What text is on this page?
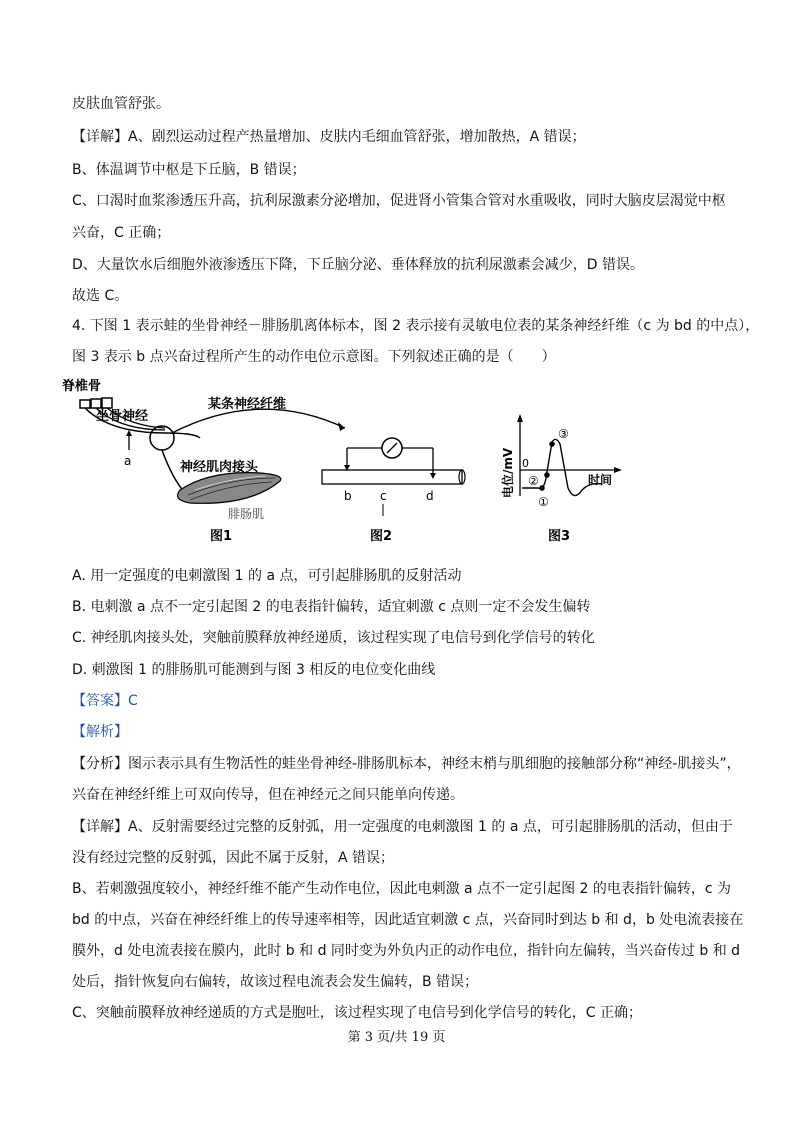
皮肤血管舒张。
【详解】A、剧烈运动过程产热量增加、皮肤内毛细血管舒张，增加散热，A 错误；
B、体温调节中枢是下丘脑，B 错误；
C、口渴时血浆渗透压升高，抗利尿激素分泌增加，促进肾小管集合管对水重吸收，同时大脑皮层渴觉中枢
兴奋，C 正确；
D、大量饮水后细胞外液渗透压下降，下丘脑分泌、垂体释放的抗利尿激素会减少，D 错误。
故选 C。
4. 下图 1 表示蛙的坐骨神经－腓肠肌离体标本，图 2 表示接有灵敏电位表的某条神经纤维（c 为 bd 的中点），
图 3 表示 b 点兴奋过程所产生的动作电位示意图。下列叙述正确的是（　　）
A. 用一定强度的电刺激图 1 的 a 点，可引起腓肠肌的反射活动
B. 电刺激 a 点不一定引起图 2 的电表指针偏转，适宜刺激 c 点则一定不会发生偏转
C. 神经肌肉接头处，突触前膜释放神经递质，该过程实现了电信号到化学信号的转化
D. 刺激图 1 的腓肠肌可能测到与图 3 相反的电位变化曲线
【答案】C
【解析】
【分析】图示表示具有生物活性的蛙坐骨神经-腓肠肌标本，神经末梢与肌细胞的接触部分称“神经-肌接头”，
兴奋在神经纤维上可双向传导，但在神经元之间只能单向传递。
【详解】A、反射需要经过完整的反射弧，用一定强度的电刺激图 1 的 a 点，可引起腓肠肌的活动，但由于
没有经过完整的反射弧，因此不属于反射，A 错误；
B、若刺激强度较小，神经纤维不能产生动作电位，因此电刺激 a 点不一定引起图 2 的电表指针偏转，c 为
bd 的中点，兴奋在神经纤维上的传导速率相等，因此适宜刺激 c 点，兴奋同时到达 b 和 d，b 处电流表接在
膜外，d 处电流表接在膜内，此时 b 和 d 同时变为外负内正的动作电位，指针向左偏转，当兴奋传过 b 和 d
处后，指针恢复向右偏转，故该过程电流表会发生偏转，B 错误；
C、突触前膜释放神经递质的方式是胞吐，该过程实现了电信号到化学信号的转化，C 正确；
脊椎骨
坐骨神经
a
某条神经纤维
神经肌肉接头
腓肠肌
图1
b c	d
图2
电位/mV 0
①
②
③
时间
图3
第 3 页/共 19 页
